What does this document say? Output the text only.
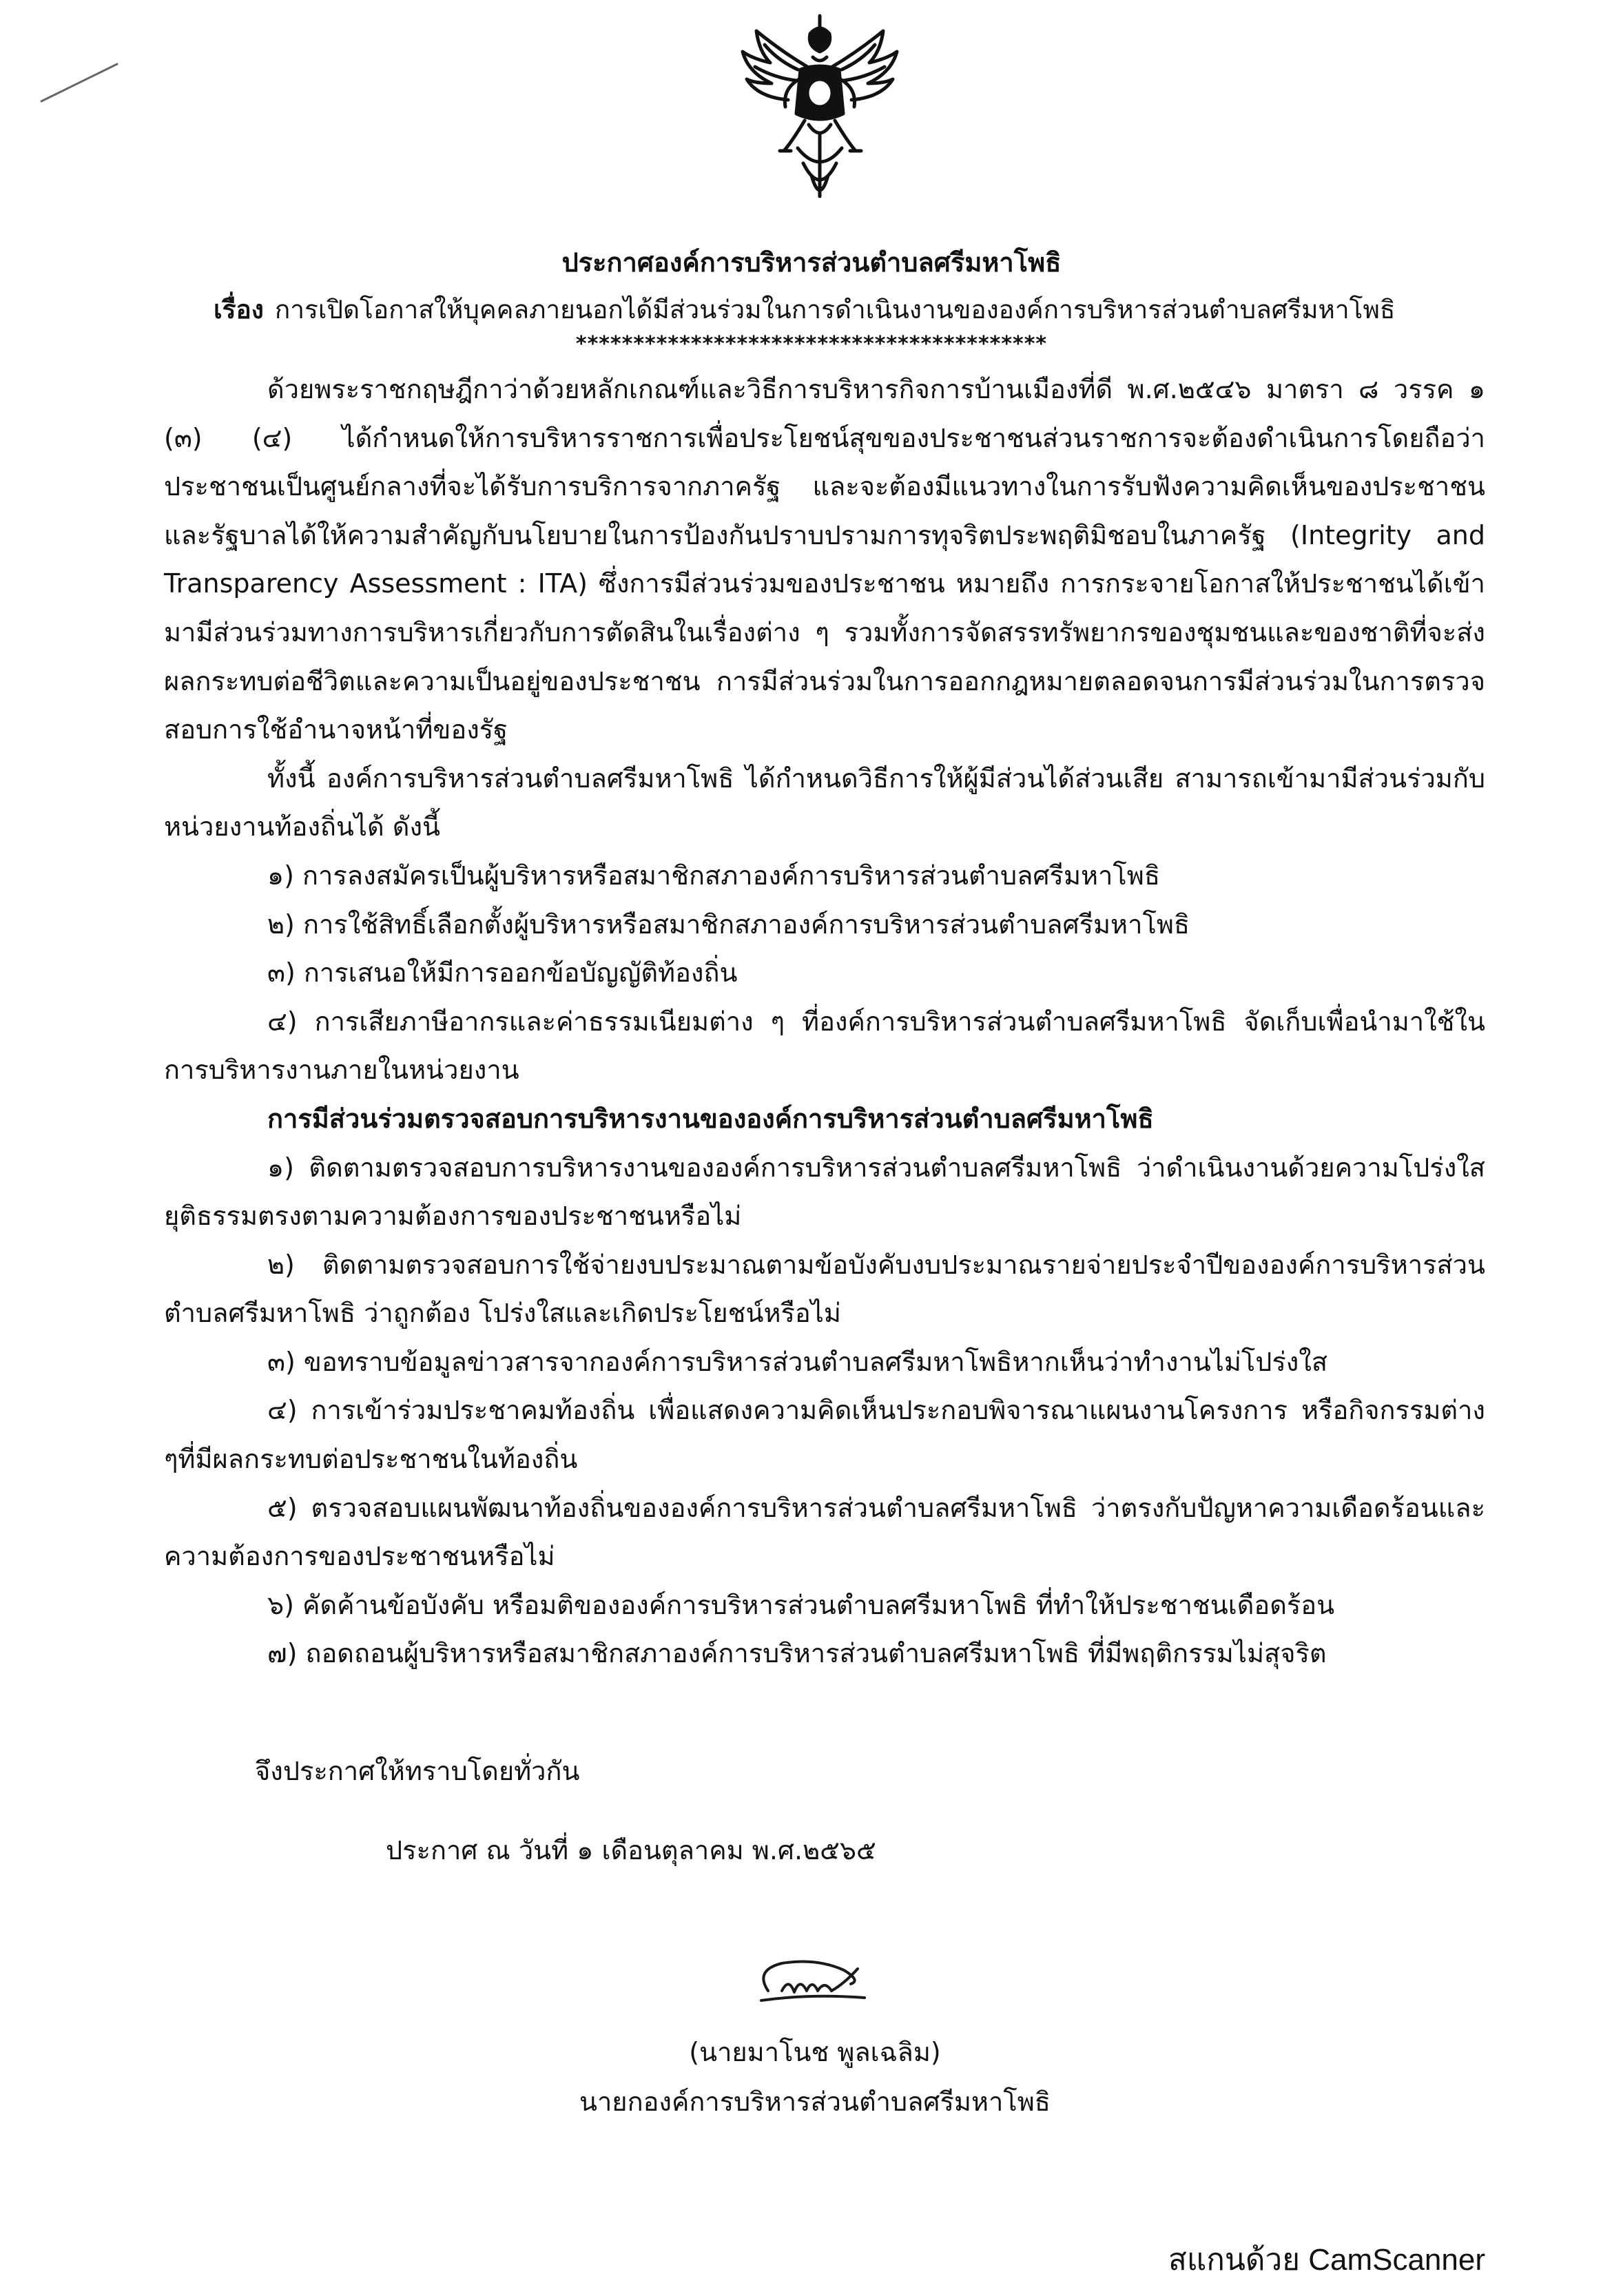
ประกาศองค์การบริหารส่วนตำบลศรีมหาโพธิ
เรื่อง การเปิดโอกาสให้บุคคลภายนอกได้มีส่วนร่วมในการดำเนินงานขององค์การบริหารส่วนตำบลศรีมหาโพธิ
*****************************************

ด้วยพระราชกฤษฎีกาว่าด้วยหลักเกณฑ์และวิธีการบริหารกิจการบ้านเมืองที่ดี พ.ศ.๒๕๔๖ มาตรา ๘ วรรค ๑ (๓) (๔) ได้กำหนดให้การบริหารราชการเพื่อประโยชน์สุขของประชาชนส่วนราชการจะต้องดำเนินการโดยถือว่าประชาชนเป็นศูนย์กลางที่จะได้รับการบริการจากภาครัฐ และจะต้องมีแนวทางในการรับฟังความคิดเห็นของประชาชนและรัฐบาลได้ให้ความสำคัญกับนโยบายในการป้องกันปราบปรามการทุจริตประพฤติมิชอบในภาครัฐ (Integrity and Transparency Assessment : ITA) ซึ่งการมีส่วนร่วมของประชาชน หมายถึง การกระจายโอกาสให้ประชาชนได้เข้ามามีส่วนร่วมทางการบริหารเกี่ยวกับการตัดสินในเรื่องต่าง ๆ รวมทั้งการจัดสรรทรัพยากรของชุมชนและของชาติที่จะส่งผลกระทบต่อชีวิตและความเป็นอยู่ของประชาชน การมีส่วนร่วมในการออกกฎหมายตลอดจนการมีส่วนร่วมในการตรวจสอบการใช้อำนาจหน้าที่ของรัฐ

ทั้งนี้ องค์การบริหารส่วนตำบลศรีมหาโพธิ ได้กำหนดวิธีการให้ผู้มีส่วนได้ส่วนเสีย สามารถเข้ามามีส่วนร่วมกับหน่วยงานท้องถิ่นได้ ดังนี้

๑) การลงสมัครเป็นผู้บริหารหรือสมาชิกสภาองค์การบริหารส่วนตำบลศรีมหาโพธิ

๒) การใช้สิทธิ์เลือกตั้งผู้บริหารหรือสมาชิกสภาองค์การบริหารส่วนตำบลศรีมหาโพธิ

๓) การเสนอให้มีการออกข้อบัญญัติท้องถิ่น

๔) การเสียภาษีอากรและค่าธรรมเนียมต่าง ๆ ที่องค์การบริหารส่วนตำบลศรีมหาโพธิ จัดเก็บเพื่อนำมาใช้ในการบริหารงานภายในหน่วยงาน

การมีส่วนร่วมตรวจสอบการบริหารงานขององค์การบริหารส่วนตำบลศรีมหาโพธิ

๑) ติดตามตรวจสอบการบริหารงานขององค์การบริหารส่วนตำบลศรีมหาโพธิ ว่าดำเนินงานด้วยความโปร่งใส ยุติธรรมตรงตามความต้องการของประชาชนหรือไม่

๒) ติดตามตรวจสอบการใช้จ่ายงบประมาณตามข้อบังคับงบประมาณรายจ่ายประจำปีขององค์การบริหารส่วนตำบลศรีมหาโพธิ ว่าถูกต้อง โปร่งใสและเกิดประโยชน์หรือไม่

๓) ขอทราบข้อมูลข่าวสารจากองค์การบริหารส่วนตำบลศรีมหาโพธิหากเห็นว่าทำงานไม่โปร่งใส

๔) การเข้าร่วมประชาคมท้องถิ่น เพื่อแสดงความคิดเห็นประกอบพิจารณาแผนงานโครงการ หรือกิจกรรมต่าง ๆที่มีผลกระทบต่อประชาชนในท้องถิ่น

๕) ตรวจสอบแผนพัฒนาท้องถิ่นขององค์การบริหารส่วนตำบลศรีมหาโพธิ ว่าตรงกับปัญหาความเดือดร้อนและความต้องการของประชาชนหรือไม่

๖) คัดค้านข้อบังคับ หรือมติขององค์การบริหารส่วนตำบลศรีมหาโพธิ ที่ทำให้ประชาชนเดือดร้อน

๗) ถอดถอนผู้บริหารหรือสมาชิกสภาองค์การบริหารส่วนตำบลศรีมหาโพธิ ที่มีพฤติกรรมไม่สุจริต

จึงประกาศให้ทราบโดยทั่วกัน
ประกาศ ณ วันที่ ๑ เดือนตุลาคม พ.ศ.๒๕๖๕
(นายมาโนช พูลเฉลิม)
นายกองค์การบริหารส่วนตำบลศรีมหาโพธิ
สแกนด้วย CamScanner
